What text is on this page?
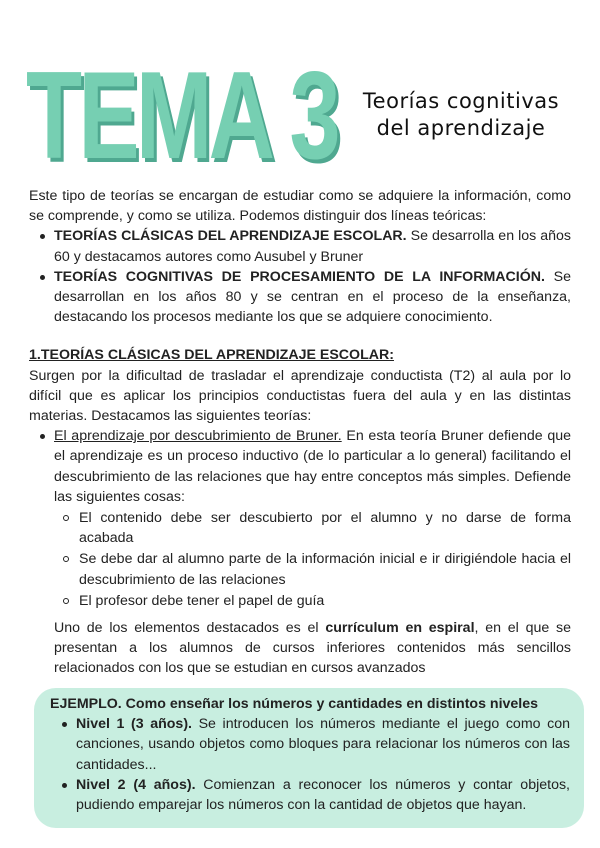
TEMA 3	Teorías cognitivas
del aprendizaje

Este tipo de teorías se encargan de estudiar como se adquiere la información, como se comprende, y como se utiliza. Podemos distinguir dos líneas teóricas:

TEORÍAS CLÁSICAS DEL APRENDIZAJE ESCOLAR. Se desarrolla en los años 60 y destacamos autores como Ausubel y Bruner
TEORÍAS COGNITIVAS DE PROCESAMIENTO DE LA INFORMACIÓN. Se desarrollan en los años 80 y se centran en el proceso de la enseñanza, destacando los procesos mediante los que se adquiere conocimiento.

1.TEORÍAS CLÁSICAS DEL APRENDIZAJE ESCOLAR:

Surgen por la dificultad de trasladar el aprendizaje conductista (T2) al aula por lo difícil que es aplicar los principios conductistas fuera del aula y en las distintas materias. Destacamos las siguientes teorías:

El aprendizaje por descubrimiento de Bruner. En esta teoría Bruner defiende que el aprendizaje es un proceso inductivo (de lo particular a lo general) facilitando el descubrimiento de las relaciones que hay entre conceptos más simples. Defiende las siguientes cosas:
El contenido debe ser descubierto por el alumno y no darse de forma acabada
Se debe dar al alumno parte de la información inicial e ir dirigiéndole hacia el descubrimiento de las relaciones
El profesor debe tener el papel de guía

Uno de los elementos destacados es el currículum en espiral, en el que se presentan a los alumnos de cursos inferiores contenidos más sencillos relacionados con los que se estudian en cursos avanzados

EJEMPLO. Como enseñar los números y cantidades en distintos niveles

Nivel 1 (3 años). Se introducen los números mediante el juego como con canciones, usando objetos como bloques para relacionar los números con las cantidades...
Nivel 2 (4 años). Comienzan a reconocer los números y contar objetos, pudiendo emparejar los números con la cantidad de objetos que hayan.
